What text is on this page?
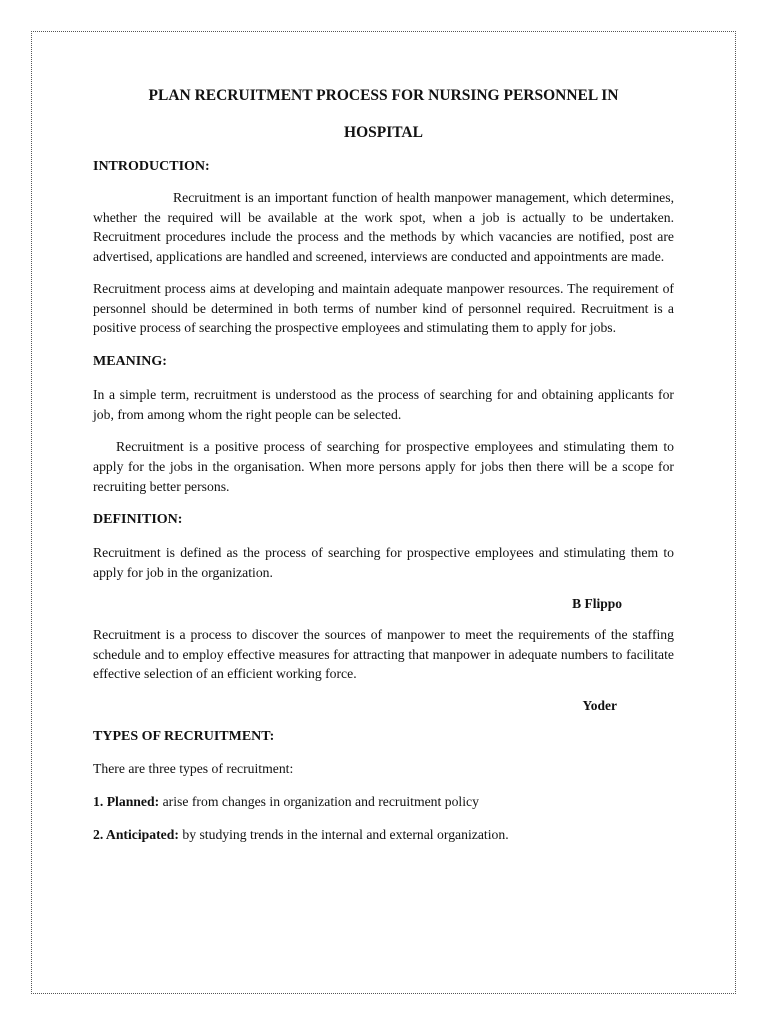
PLAN RECRUITMENT PROCESS FOR NURSING PERSONNEL IN

HOSPITAL

INTRODUCTION:

Recruitment is an important function of health manpower management, which determines, whether the required will be available at the work spot, when a job is actually to be undertaken. Recruitment procedures include the process and the methods by which vacancies are notified, post are advertised, applications are handled and screened, interviews are conducted and appointments are made.

Recruitment process aims at developing and maintain adequate manpower resources. The requirement of personnel should be determined in both terms of number kind of personnel required. Recruitment is a positive process of searching the prospective employees and stimulating them to apply for jobs.

MEANING:

In a simple term, recruitment is understood as the process of searching for and obtaining applicants for job, from among whom the right people can be selected.

Recruitment is a positive process of searching for prospective employees and stimulating them to apply for the jobs in the organisation. When more persons apply for jobs then there will be a scope for recruiting better persons.

DEFINITION:

Recruitment is defined as the process of searching for prospective employees and stimulating them to apply for job in the organization.

B Flippo

Recruitment is a process to discover the sources of manpower to meet the requirements of the staffing schedule and to employ effective measures for attracting that manpower in adequate numbers to facilitate effective selection of an efficient working force.

Yoder

TYPES OF RECRUITMENT:

There are three types of recruitment:

1. Planned: arise from changes in organization and recruitment policy

2. Anticipated: by studying trends in the internal and external organization.
